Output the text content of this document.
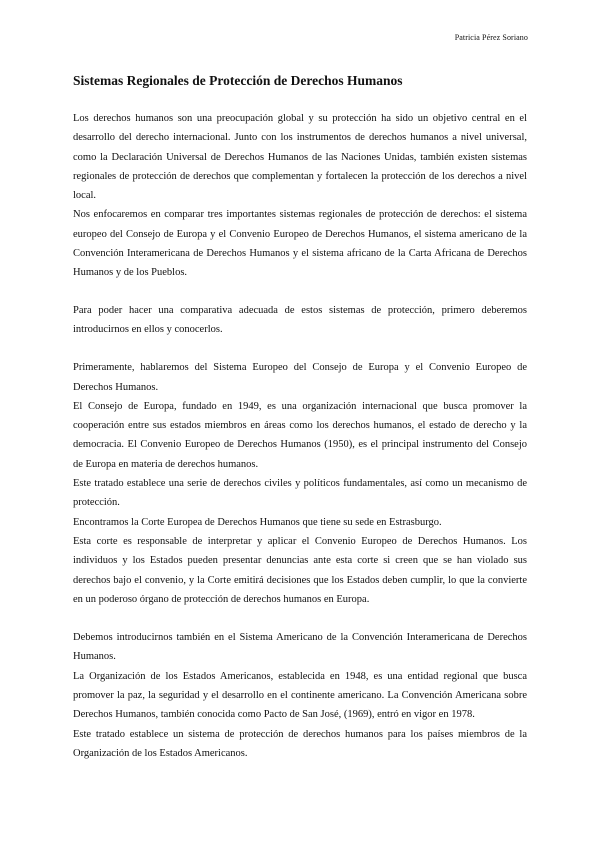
Patricia Pérez Soriano
Sistemas Regionales de Protección de Derechos Humanos

Los derechos humanos son una preocupación global y su protección ha sido un objetivo central en el desarrollo del derecho internacional. Junto con los instrumentos de derechos humanos a nivel universal, como la Declaración Universal de Derechos Humanos de las Naciones Unidas, también existen sistemas regionales de protección de derechos que complementan y fortalecen la protección de los derechos a nivel local.

Nos enfocaremos en comparar tres importantes sistemas regionales de protección de derechos: el sistema europeo del Consejo de Europa y el Convenio Europeo de Derechos Humanos, el sistema americano de la Convención Interamericana de Derechos Humanos y el sistema africano de la Carta Africana de Derechos Humanos y de los Pueblos.

Para poder hacer una comparativa adecuada de estos sistemas de protección, primero deberemos introducirnos en ellos y conocerlos.

Primeramente, hablaremos del Sistema Europeo del Consejo de Europa y el Convenio Europeo de Derechos Humanos.

El Consejo de Europa, fundado en 1949, es una organización internacional que busca promover la cooperación entre sus estados miembros en áreas como los derechos humanos, el estado de derecho y la democracia. El Convenio Europeo de Derechos Humanos (1950), es el principal instrumento del Consejo de Europa en materia de derechos humanos.

Este tratado establece una serie de derechos civiles y políticos fundamentales, así como un mecanismo de protección.

Encontramos la Corte Europea de Derechos Humanos que tiene su sede en Estrasburgo.

Esta corte es responsable de interpretar y aplicar el Convenio Europeo de Derechos Humanos. Los individuos y los Estados pueden presentar denuncias ante esta corte si creen que se han violado sus derechos bajo el convenio, y la Corte emitirá decisiones que los Estados deben cumplir, lo que la convierte en un poderoso órgano de protección de derechos humanos en Europa.

Debemos introducirnos también en el Sistema Americano de la Convención Interamericana de Derechos Humanos.

La Organización de los Estados Americanos, establecida en 1948, es una entidad regional que busca promover la paz, la seguridad y el desarrollo en el continente americano. La Convención Americana sobre Derechos Humanos, también conocida como Pacto de San José, (1969), entró en vigor en 1978.

Este tratado establece un sistema de protección de derechos humanos para los países miembros de la Organización de los Estados Americanos.
